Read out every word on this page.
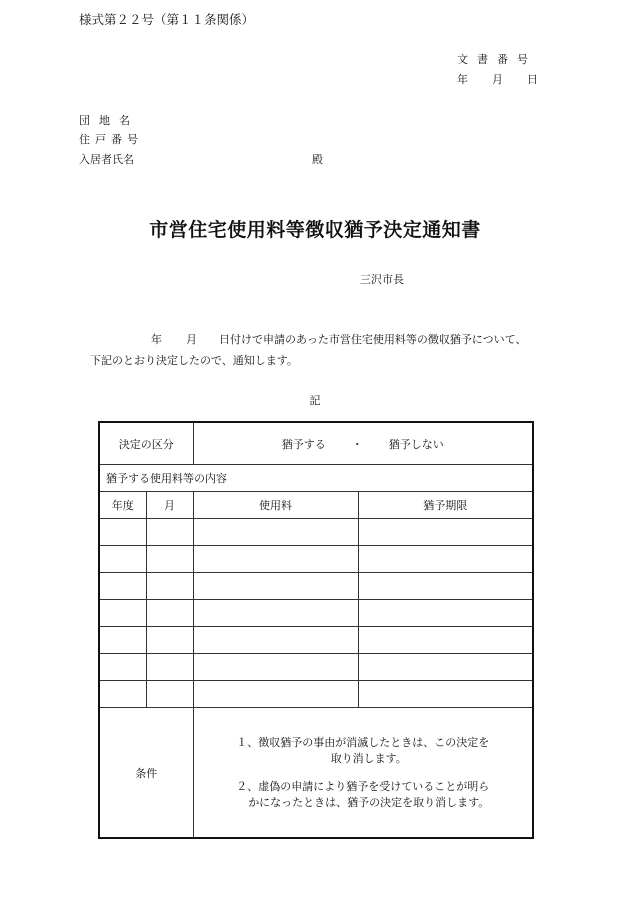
様式第２２号（第１１条関係）
文書番号
年 月 日
団地名
住戸番号
入居者氏名	殿
市営住宅使用料等徴収猶予決定通知書
三沢市長
年 月 日付けで申請のあった市営住宅使用料等の徴収猶予について、
下記のとおり決定したので、通知します。
記
決定の区分		猶予する ・ 猶予しない	
猶予する使用料等の内容			
年度	月	使用料	猶予期限

条件		１、徴収猶予の事由が消滅したときは、この決定を
取り消します。
２、虚偽の申請により猶予を受けていることが明ら
かになったときは、猶予の決定を取り消します。	
